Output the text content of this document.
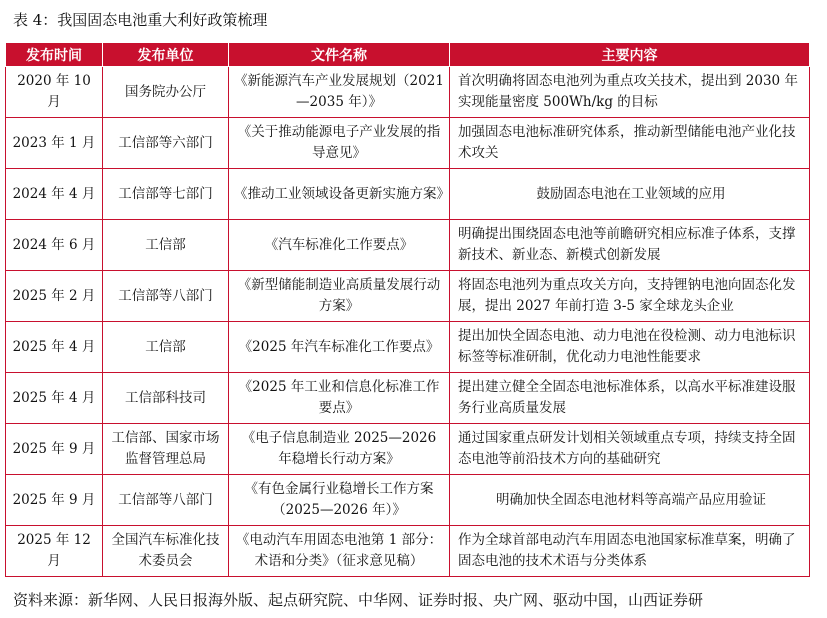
表 4：我国固态电池重大利好政策梳理
发布时间	发布单位	文件名称	主要内容
2020 年 10 月	国务院办公厅	《新能源汽车产业发展规划（2021—2035 年）》	首次明确将固态电池列为重点攻关技术，提出到 2030 年实现能量密度 500Wh/kg 的目标
2023 年 1 月	工信部等六部门	《关于推动能源电子产业发展的指导意见》	加强固态电池标准研究体系，推动新型储能电池产业化技术攻关
2024 年 4 月	工信部等七部门	《推动工业领域设备更新实施方案》	鼓励固态电池在工业领域的应用
2024 年 6 月	工信部	《汽车标准化工作要点》	明确提出围绕固态电池等前瞻研究相应标准子体系，支撑新技术、新业态、新模式创新发展
2025 年 2 月	工信部等八部门	《新型储能制造业高质量发展行动方案》	将固态电池列为重点攻关方向，支持锂钠电池向固态化发展，提出 2027 年前打造 3-5 家全球龙头企业
2025 年 4 月	工信部	《2025 年汽车标准化工作要点》	提出加快全固态电池、动力电池在役检测、动力电池标识标签等标准研制，优化动力电池性能要求
2025 年 4 月	工信部科技司	《2025 年工业和信息化标准工作要点》	提出建立健全全固态电池标准体系，以高水平标准建设服务行业高质量发展
2025 年 9 月	工信部、国家市场监督管理总局	《电子信息制造业 2025—2026 年稳增长行动方案》	通过国家重点研发计划相关领域重点专项，持续支持全固态电池等前沿技术方向的基础研究
2025 年 9 月	工信部等八部门	《有色金属行业稳增长工作方案（2025—2026 年）》	明确加快全固态电池材料等高端产品应用验证
2025 年 12 月	全国汽车标准化技术委员会	《电动汽车用固态电池第 1 部分：术语和分类》（征求意见稿）	作为全球首部电动汽车用固态电池国家标准草案，明确了固态电池的技术术语与分类体系
资料来源：新华网、人民日报海外版、起点研究院、中华网、证券时报、央广网、驱动中国，山西证券研
